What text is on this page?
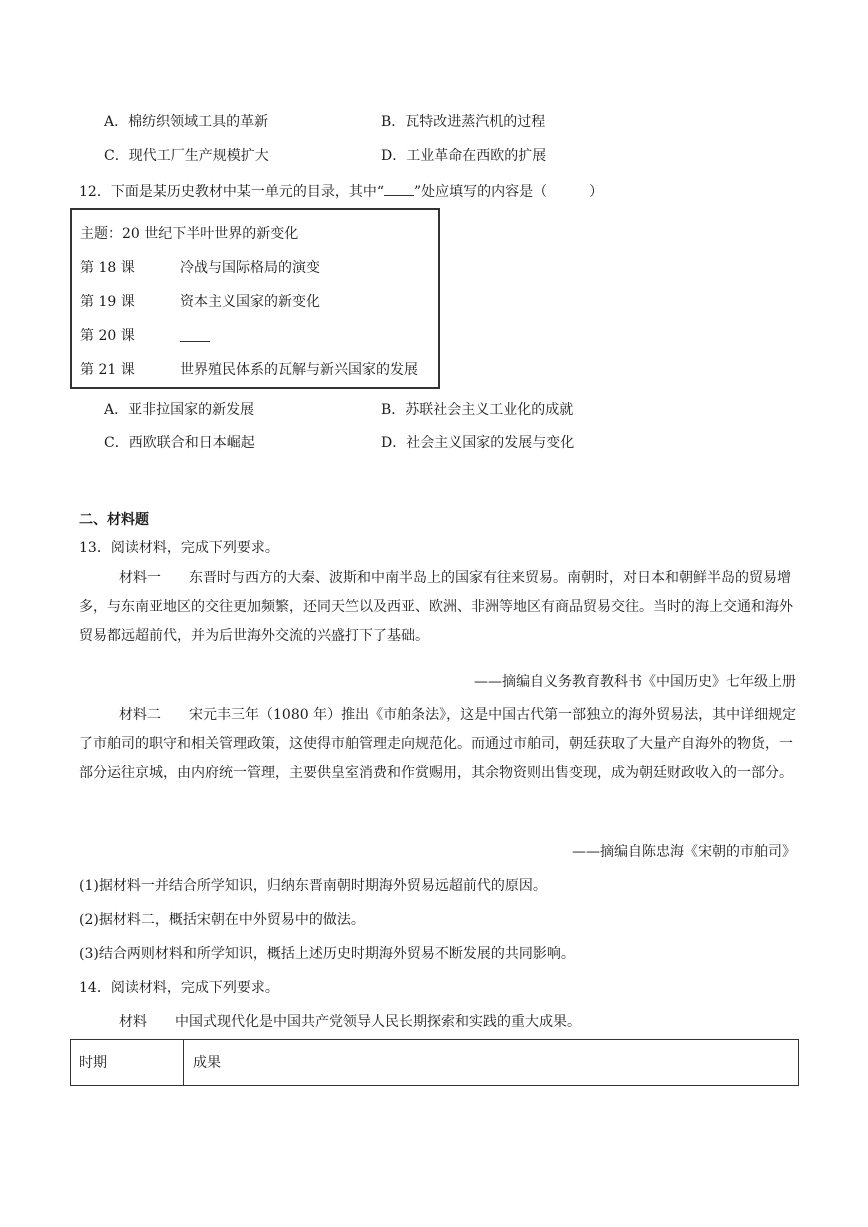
A．棉纺织领域工具的革新	B．瓦特改进蒸汽机的过程
C．现代工厂生产规模扩大	D．工业革命在西欧的扩展
12．下面是某历史教材中某一单元的目录，其中“ ”处应填写的内容是（　　　）
主题：20 世纪下半叶世界的新变化
第 18 课	冷战与国际格局的演变
第 19 课	资本主义国家的新变化
第 20 课
第 21 课	世界殖民体系的瓦解与新兴国家的发展
A．亚非拉国家的新发展	B．苏联社会主义工业化的成就
C．西欧联合和日本崛起	D．社会主义国家的发展与变化
二、材料题
13．阅读材料，完成下列要求。
材料一　　东晋时与西方的大秦、波斯和中南半岛上的国家有往来贸易。南朝时，对日本和朝鲜半岛的贸易增多，与东南亚地区的交往更加频繁，还同天竺以及西亚、欧洲、非洲等地区有商品贸易交往。当时的海上交通和海外贸易都远超前代，并为后世海外交流的兴盛打下了基础。
——摘编自义务教育教科书《中国历史》七年级上册
材料二　　宋元丰三年（1080 年）推出《市舶条法》，这是中国古代第一部独立的海外贸易法，其中详细规定了市舶司的职守和相关管理政策，这使得市舶管理走向规范化。而通过市舶司，朝廷获取了大量产自海外的物货，一部分运往京城，由内府统一管理，主要供皇室消费和作赏赐用，其余物资则出售变现，成为朝廷财政收入的一部分。
——摘编自陈忠海《宋朝的市舶司》
(1)据材料一并结合所学知识，归纳东晋南朝时期海外贸易远超前代的原因。
(2)据材料二，概括宋朝在中外贸易中的做法。
(3)结合两则材料和所学知识，概括上述历史时期海外贸易不断发展的共同影响。
14．阅读材料，完成下列要求。
材料　　中国式现代化是中国共产党领导人民长期探索和实践的重大成果。
时期	成果
